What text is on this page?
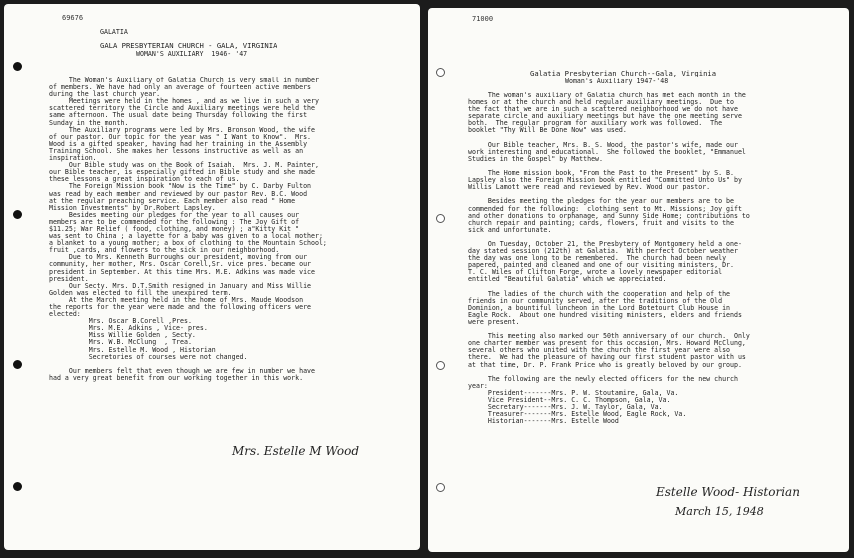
69676
GALATIA
GALA PRESBYTERIAN CHURCH - GALA, VIRGINIA
WOMAN'S AUXILIARY  1946- '47
The Woman's Auxiliary of Galatia Church is very small in number
of members. We have had only an average of fourteen active members
during the last church year.
Meetings were held in the homes , and as we live in such a very
scattered territory the Circle and Auxiliary meetings were held the
same afternoon. The usual date being Thursday following the first
Sunday in the month.
The Auxiliary programs were led by Mrs. Bronson Wood, the wife
of our pastor. Our topic for the year was " I Want to Know".  Mrs.
Wood is a gifted speaker, having had her training in the Assembly
Training School. She makes her lessons instructive as well as an
inspiration.
Our Bible study was on the Book of Isaiah.  Mrs. J. M. Painter,
our Bible teacher, is especially gifted in Bible study and she made
these lessons a great inspiration to each of us.
The Foreign Mission book "Now is the Time" by C. Darby Fulton
was read by each member and reviewed by our pastor Rev. B.C. Wood
at the regular preaching service. Each member also read " Home
Mission Investments" by Dr.Robert Lapsley.
Besides meeting our pledges for the year to all causes our
members are to be commended for the following : The Joy Gift of
$11.25; War Relief ( food, clothing, and money) ; a"Kitty Kit "
was sent to China ; a layette for a baby was given to a local mother;
a blanket to a young mother; a box of clothing to the Mountain School;
fruit ,cards, and flowers to the sick in our neighborhood.
Due to Mrs. Kenneth Burroughs our president, moving from our
community, her mother, Mrs. Oscar Corell,Sr. vice pres. became our
president in September. At this time Mrs. M.E. Adkins was made vice
president.
Our Secty. Mrs. D.T.Smith resigned in January and Miss Willie
Golden was elected to fill the unexpired term.
At the March meeting held in the home of Mrs. Maude Woodson
the reports for the year were made and the following officers were
elected:
Mrs. Oscar B.Corell ,Pres.
Mrs. M.E. Adkins , Vice- pres.
Miss Willie Golden , Secty.
Mrs. W.B. McClung  , Trea.
Mrs. Estelle M. Wood , Historian
Secretories of courses were not changed.

Our members felt that even though we are few in number we have
had a very great benefit from our working together in this work.
Mrs. Estelle M Wood
71000
Galatia Presbyterian Church--Gala, Virginia
Woman's Auxiliary 1947-'48
The woman's auxiliary of Galatia church has met each month in the
homes or at the church and held regular auxiliary meetings.  Due to
the fact that we are in such a scattered neighborhood we do not have
separate circle and auxiliary meetings but have the one meeting serve
both.  The regular program for auxiliary work was followed.  The
booklet "Thy Will Be Done Now" was used.

Our Bible teacher, Mrs. B. S. Wood, the pastor's wife, made our
work interesting and educational.  She followed the booklet, "Emmanuel
Studies in the Gospel" by Matthew.

The Home mission book, "From the Past to the Present" by S. B.
Lapsley also the Foreign Mission book entitled "Committed Unto Us" by
Willis Lamott were read and reviewed by Rev. Wood our pastor.

Besides meeting the pledges for the year our members are to be
commended for the following:  clothing sent to Mt. Missions; Joy gift
and other donations to orphanage, and Sunny Side Home; contributions to
church repair and painting; cards, flowers, fruit and visits to the
sick and unfortunate.

On Tuesday, October 21, the Presbytery of Montgomery held a one-
day stated session (212th) at Galatia.  With perfect October weather
the day was one long to be remembered.  The church had been newly
papered, painted and cleaned and one of our visiting ministers, Dr.
T. C. Wiles of Clifton Forge, wrote a lovely newspaper editorial
entitled "Beautiful Galatia" which we appreciated.

The ladies of the church with the cooperation and help of the
friends in our community served, after the traditions of the Old
Dominion, a bountiful luncheon in the Lord Botetourt Club House in
Eagle Rock.  About one hundred visiting ministers, elders and friends
were present.

This meeting also marked our 50th anniversary of our church.  Only
one charter member was present for this occasion, Mrs. Howard McClung,
several others who united with the church the first year were also
there.  We had the pleasure of having our first student pastor with us
at that time, Dr. P. Frank Price who is greatly beloved by our group.

The following are the newly elected officers for the new church
year:
President-------Mrs. P. W. Stoutamire, Gala, Va.
Vice President--Mrs. C. C. Thompson, Gala, Va.
Secretary-------Mrs. J. W. Taylor, Gala, Va.
Treasurer-------Mrs. Estelle Wood, Eagle Rock, Va.
Historian-------Mrs. Estelle Wood
Estelle Wood- Historian
March 15, 1948
